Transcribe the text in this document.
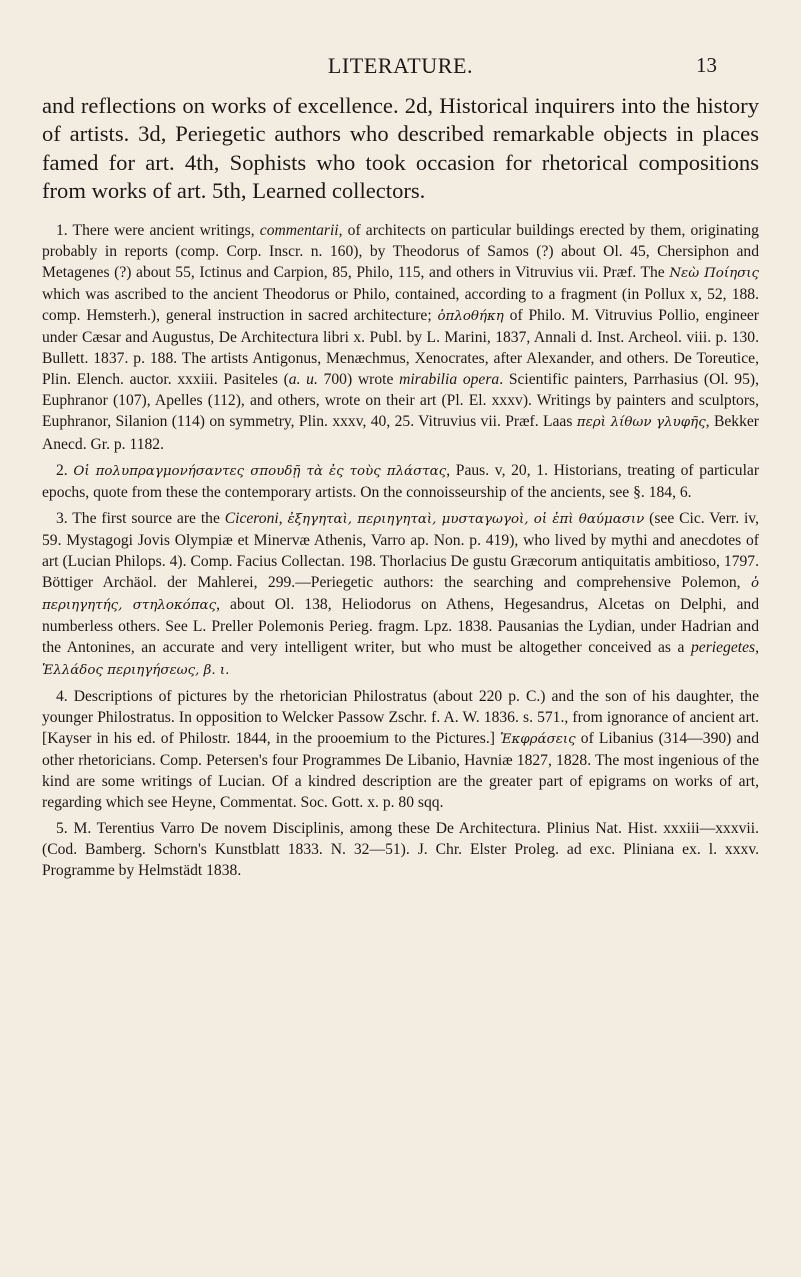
LITERATURE.	13

and reflections on works of excellence. 2d, Historical inquirers into the history of artists. 3d, Periegetic authors who described remarkable objects in places famed for art. 4th, Sophists who took occasion for rhetorical compositions from works of art. 5th, Learned collectors.

1. There were ancient writings, commentarii, of architects on particular buildings erected by them, originating probably in reports (comp. Corp. Inscr. n. 160), by Theodorus of Samos (?) about Ol. 45, Chersiphon and Metagenes (?) about 55, Ictinus and Carpion, 85, Philo, 115, and others in Vitruvius vii. Præf. The Νεὼ Ποίησις which was ascribed to the ancient Theodorus or Philo, contained, according to a fragment (in Pollux x, 52, 188. comp. Hemsterh.), general instruction in sacred architecture; ὁπλοθήκη of Philo. M. Vitruvius Pollio, engineer under Cæsar and Augustus, De Architectura libri x. Publ. by L. Marini, 1837, Annali d. Inst. Archeol. viii. p. 130. Bullett. 1837. p. 188. The artists Antigonus, Menæchmus, Xenocrates, after Alexander, and others. De Toreutice, Plin. Elench. auctor. xxxiii. Pasiteles (a. u. 700) wrote mirabilia opera. Scientific painters, Parrhasius (Ol. 95), Euphranor (107), Apelles (112), and others, wrote on their art (Pl. El. xxxv). Writings by painters and sculptors, Euphranor, Silanion (114) on symmetry, Plin. xxxv, 40, 25. Vitruvius vii. Præf. Laas περὶ λίθων γλυφῆς, Bekker Anecd. Gr. p. 1182.

2. Οἱ πολυπραγμονήσαντες σπουδῇ τὰ ἐς τοὺς πλάστας, Paus. v, 20, 1. Historians, treating of particular epochs, quote from these the contemporary artists. On the connoisseurship of the ancients, see §. 184, 6.

3. The first source are the Ciceroni, ἐξηγηταὶ, περιηγηταὶ, μυσταγωγοὶ, οἱ ἐπὶ θαύμασιν (see Cic. Verr. iv, 59. Mystagogi Jovis Olympiæ et Minervæ Athenis, Varro ap. Non. p. 419), who lived by mythi and anecdotes of art (Lucian Philops. 4). Comp. Facius Collectan. 198. Thorlacius De gustu Græcorum antiquitatis ambitioso, 1797. Böttiger Archäol. der Mahlerei, 299.—Periegetic authors: the searching and comprehensive Polemon, ὁ περιηγητής, στηλοκόπας, about Ol. 138, Heliodorus on Athens, Hegesandrus, Alcetas on Delphi, and numberless others. See L. Preller Polemonis Perieg. fragm. Lpz. 1838. Pausanias the Lydian, under Hadrian and the Antonines, an accurate and very intelligent writer, but who must be altogether conceived as a periegetes, Ἑλλάδος περιηγήσεως, β. ι.

4. Descriptions of pictures by the rhetorician Philostratus (about 220 p. C.) and the son of his daughter, the younger Philostratus. In opposition to Welcker Passow Zschr. f. A. W. 1836. s. 571., from ignorance of ancient art. [Kayser in his ed. of Philostr. 1844, in the prooemium to the Pictures.] Ἐκφράσεις of Libanius (314—390) and other rhetoricians. Comp. Petersen's four Programmes De Libanio, Havniæ 1827, 1828. The most ingenious of the kind are some writings of Lucian. Of a kindred description are the greater part of epigrams on works of art, regarding which see Heyne, Commentat. Soc. Gott. x. p. 80 sqq.

5. M. Terentius Varro De novem Disciplinis, among these De Architectura. Plinius Nat. Hist. xxxiii—xxxvii. (Cod. Bamberg. Schorn's Kunstblatt 1833. N. 32—51). J. Chr. Elster Proleg. ad exc. Pliniana ex. l. xxxv. Programme by Helmstädt 1838.
